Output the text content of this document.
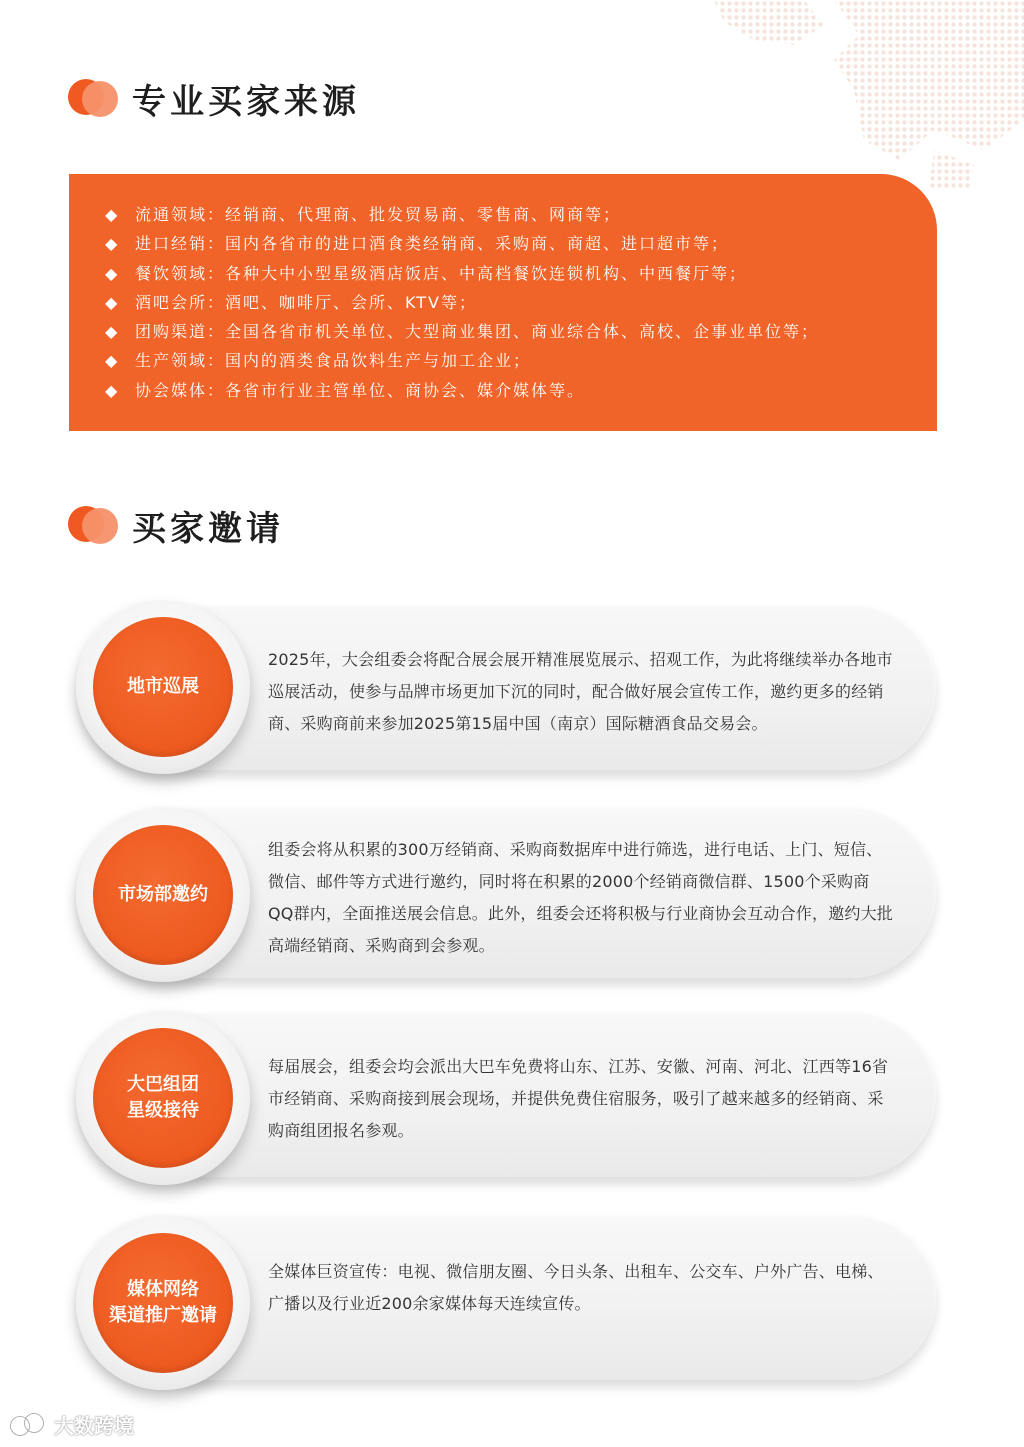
专业买家来源
◆ 流通领域：经销商、代理商、批发贸易商、零售商、网商等；
◆ 进口经销：国内各省市的进口酒食类经销商、采购商、商超、进口超市等；
◆ 餐饮领域：各种大中小型星级酒店饭店、中高档餐饮连锁机构、中西餐厅等；
◆ 酒吧会所：酒吧、咖啡厅、会所、KTV等；
◆ 团购渠道：全国各省市机关单位、大型商业集团、商业综合体、高校、企事业单位等；
◆ 生产领域：国内的酒类食品饮料生产与加工企业；
◆ 协会媒体：各省市行业主管单位、商协会、媒介媒体等。
买家邀请
地市巡展
2025年，大会组委会将配合展会展开精准展览展示、招观工作，为此将继续举办各地市巡展活动，使参与品牌市场更加下沉的同时，配合做好展会宣传工作，邀约更多的经销商、采购商前来参加2025第15届中国（南京）国际糖酒食品交易会。
市场部邀约
组委会将从积累的300万经销商、采购商数据库中进行筛选，进行电话、上门、短信、微信、邮件等方式进行邀约，同时将在积累的2000个经销商微信群、1500个采购商QQ群内，全面推送展会信息。此外，组委会还将积极与行业商协会互动合作，邀约大批高端经销商、采购商到会参观。
大巴组团
星级接待
每届展会，组委会均会派出大巴车免费将山东、江苏、安徽、河南、河北、江西等16省市经销商、采购商接到展会现场，并提供免费住宿服务，吸引了越来越多的经销商、采购商组团报名参观。
媒体网络
渠道推广邀请
全媒体巨资宣传：电视、微信朋友圈、今日头条、出租车、公交车、户外广告、电梯、广播以及行业近200余家媒体每天连续宣传。
大数跨境
